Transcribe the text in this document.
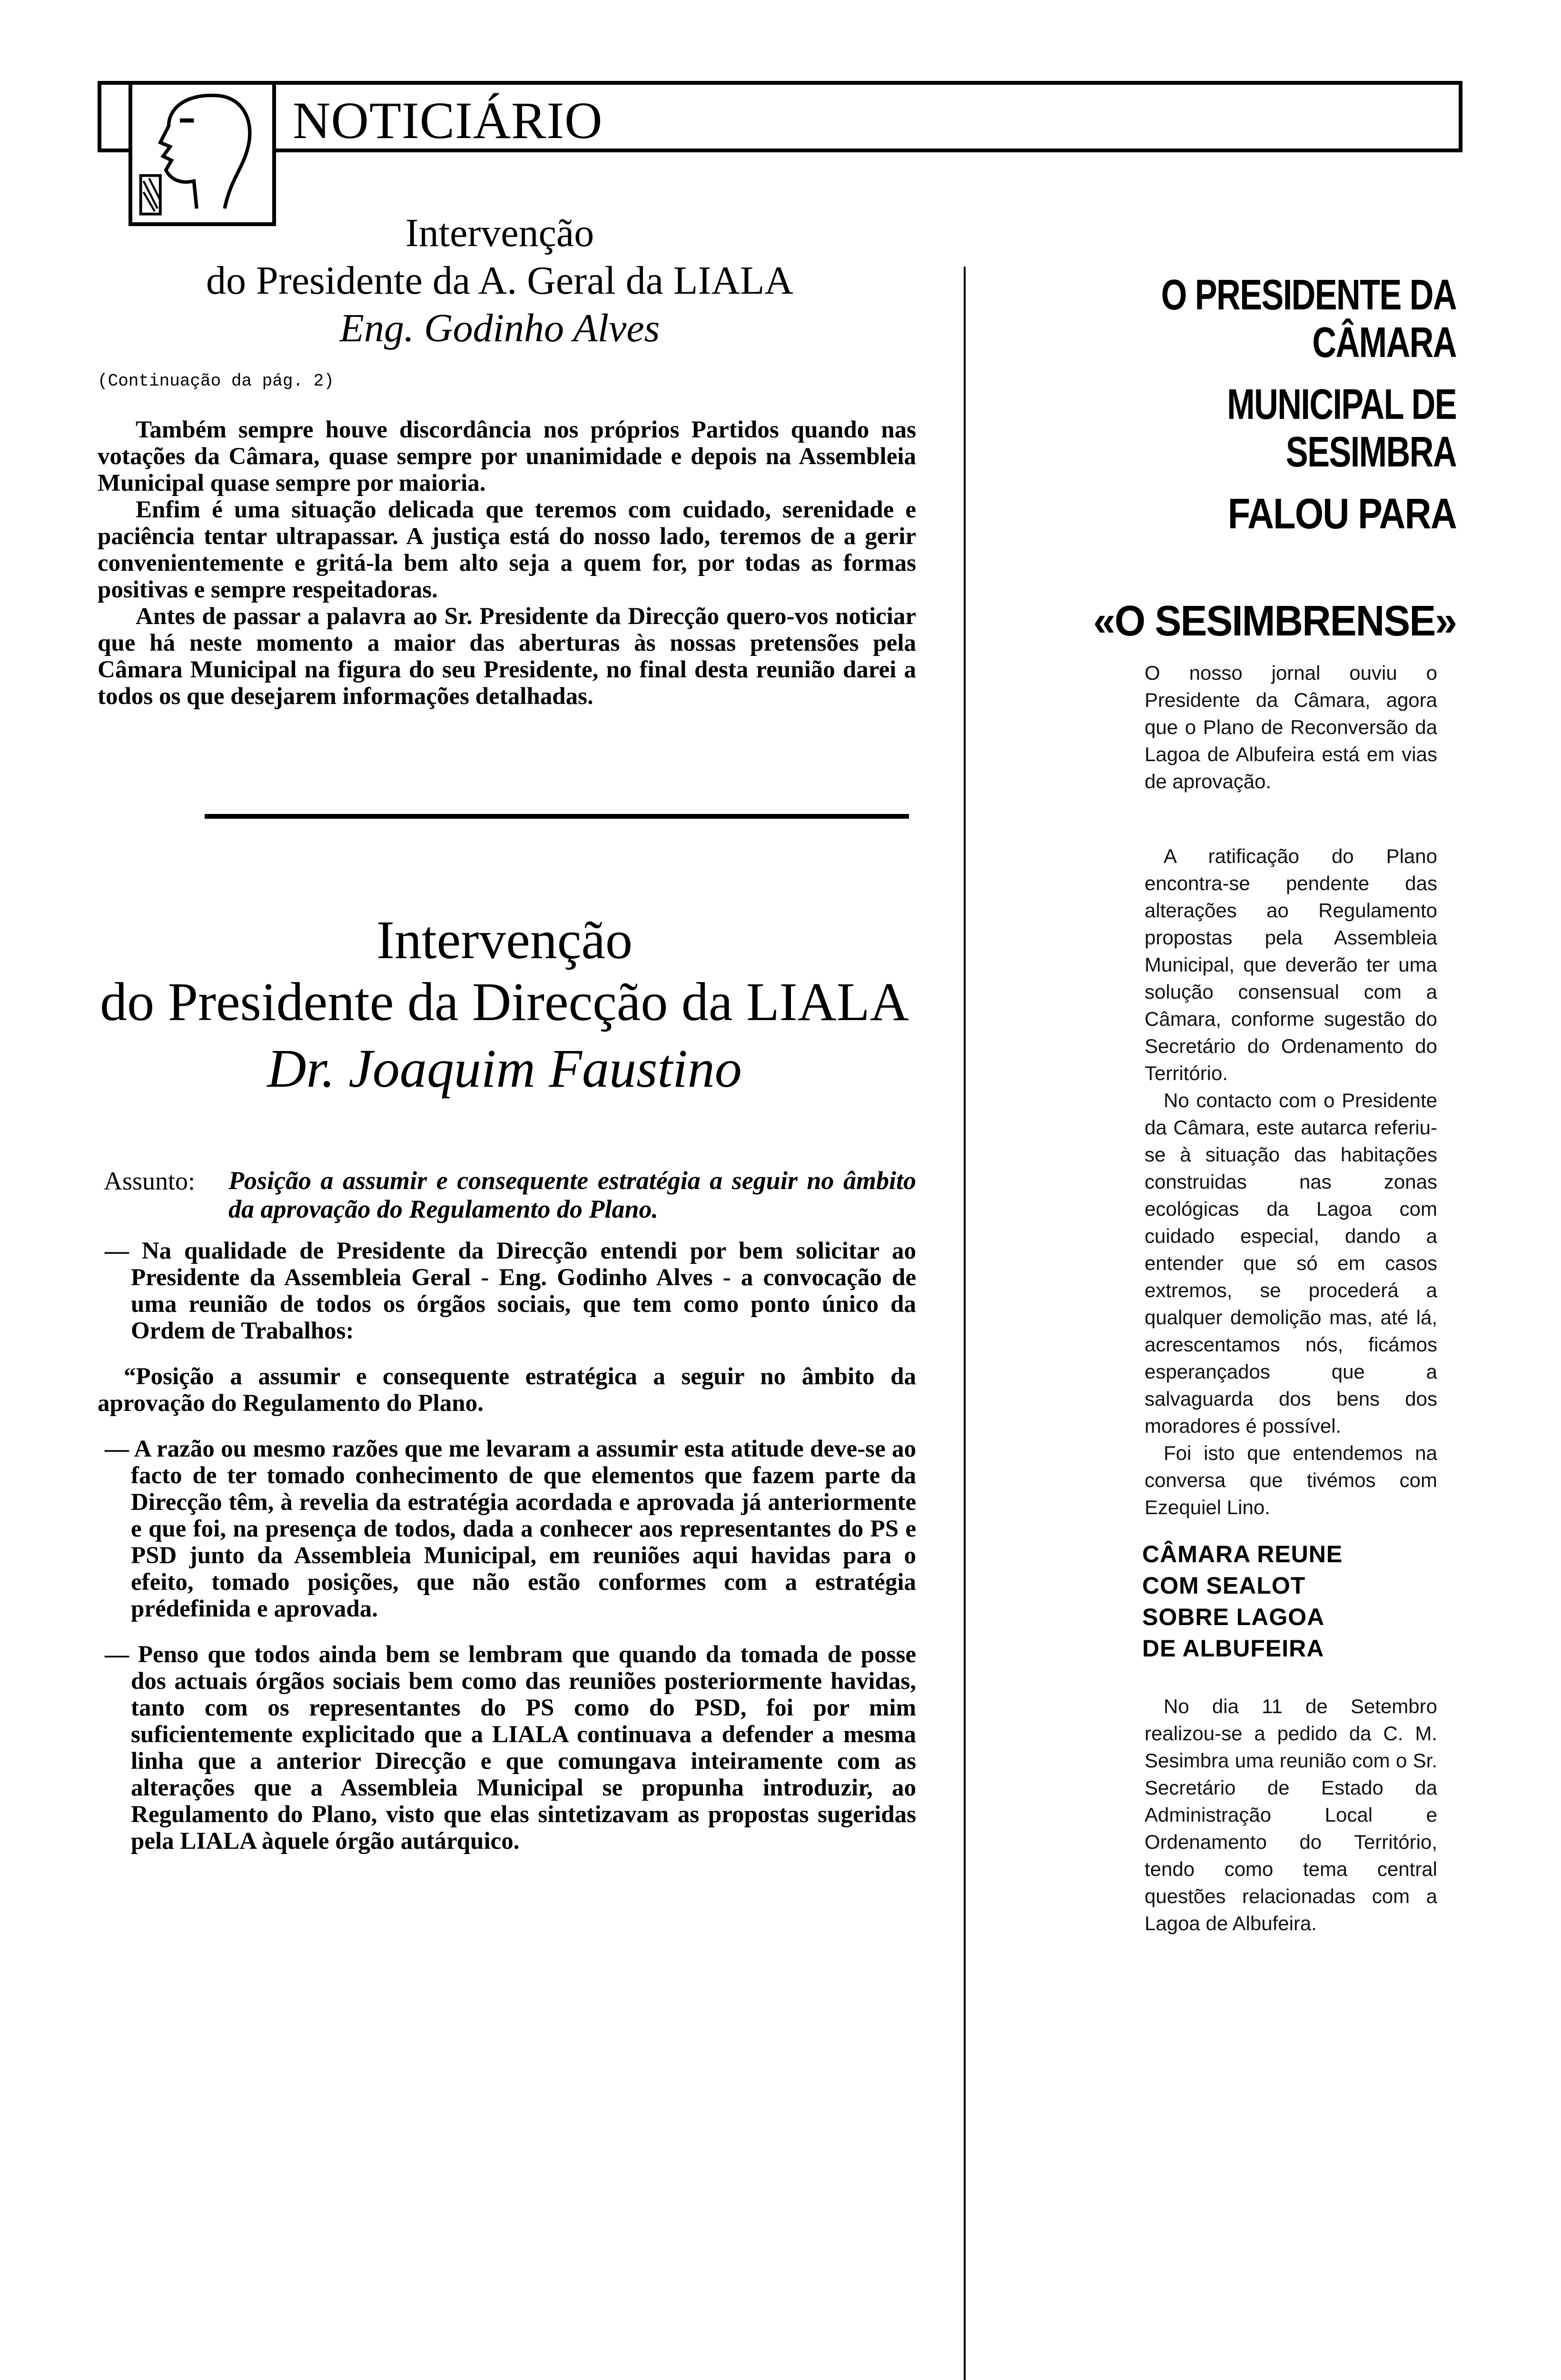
NOTICIÁRIO
Intervenção
do Presidente da A. Geral da LIALA
Eng. Godinho Alves
(Continuação da pág. 2)

Também sempre houve discordância nos próprios Partidos quando nas votações da Câmara, quase sempre por unanimidade e depois na Assembleia Municipal quase sempre por maioria.

Enfim é uma situação delicada que teremos com cuidado, serenidade e paciência tentar ultrapassar. A justiça está do nosso lado, teremos de a gerir convenientemente e gritá-la bem alto seja a quem for, por todas as formas positivas e sempre respeitadoras.

Antes de passar a palavra ao Sr. Presidente da Direcção quero-vos noticiar que há neste momento a maior das aberturas às nossas pretensões pela Câmara Municipal na figura do seu Presidente, no final desta reunião darei a todos os que desejarem informações detalhadas.

Intervenção
do Presidente da Direcção da LIALA
Dr. Joaquim Faustino
Assunto: Posição a assumir e consequente estratégia a seguir no âmbito da aprovação do Regulamento do Plano.

— Na qualidade de Presidente da Direcção entendi por bem solicitar ao Presidente da Assembleia Geral - Eng. Godinho Alves - a convocação de uma reunião de todos os órgãos sociais, que tem como ponto único da Ordem de Trabalhos:

“Posição a assumir e consequente estratégica a seguir no âmbito da aprovação do Regulamento do Plano.

— A razão ou mesmo razões que me levaram a assumir esta atitude deve-se ao facto de ter tomado conhecimento de que elementos que fazem parte da Direcção têm, à revelia da estratégia acordada e aprovada já anteriormente e que foi, na presença de todos, dada a conhecer aos representantes do PS e PSD junto da Assembleia Municipal, em reuniões aqui havidas para o efeito, tomado posições, que não estão conformes com a estratégia prédefinida e aprovada.

— Penso que todos ainda bem se lembram que quando da tomada de posse dos actuais órgãos sociais bem como das reuniões posteriormente havidas, tanto com os representantes do PS como do PSD, foi por mim suficientemente explicitado que a LIALA continuava a defender a mesma linha que a anterior Direcção e que comungava inteiramente com as alterações que a Assembleia Municipal se propunha introduzir, ao Regulamento do Plano, visto que elas sintetizavam as propostas sugeridas pela LIALA àquele órgão autárquico.

O PRESIDENTE DA CÂMARA
MUNICIPAL DE SESIMBRA
FALOU PARA
«O SESIMBRENSE»
O nosso jornal ouviu o Presidente da Câmara, agora que o Plano de Reconversão da Lagoa de Albufeira está em vias de aprovação.

A ratificação do Plano encontra-se pendente das alterações ao Regulamento propostas pela Assembleia Municipal, que deverão ter uma solução consensual com a Câmara, conforme sugestão do Secretário do Ordenamento do Território.

No contacto com o Presidente da Câmara, este autarca referiu-se à situação das habitações construidas nas zonas ecológicas da Lagoa com cuidado especial, dando a entender que só em casos extremos, se procederá a qualquer demolição mas, até lá, acrescentamos nós, ficámos esperançados que a salvaguarda dos bens dos moradores é possível.

Foi isto que entendemos na conversa que tivémos com Ezequiel Lino.

CÂMARA REUNE
COM SEALOT
SOBRE LAGOA
DE ALBUFEIRA

No dia 11 de Setembro realizou-se a pedido da C. M. Sesimbra uma reunião com o Sr. Secretário de Estado da Administração Local e Ordenamento do Território, tendo como tema central questões relacionadas com a Lagoa de Albufeira.
